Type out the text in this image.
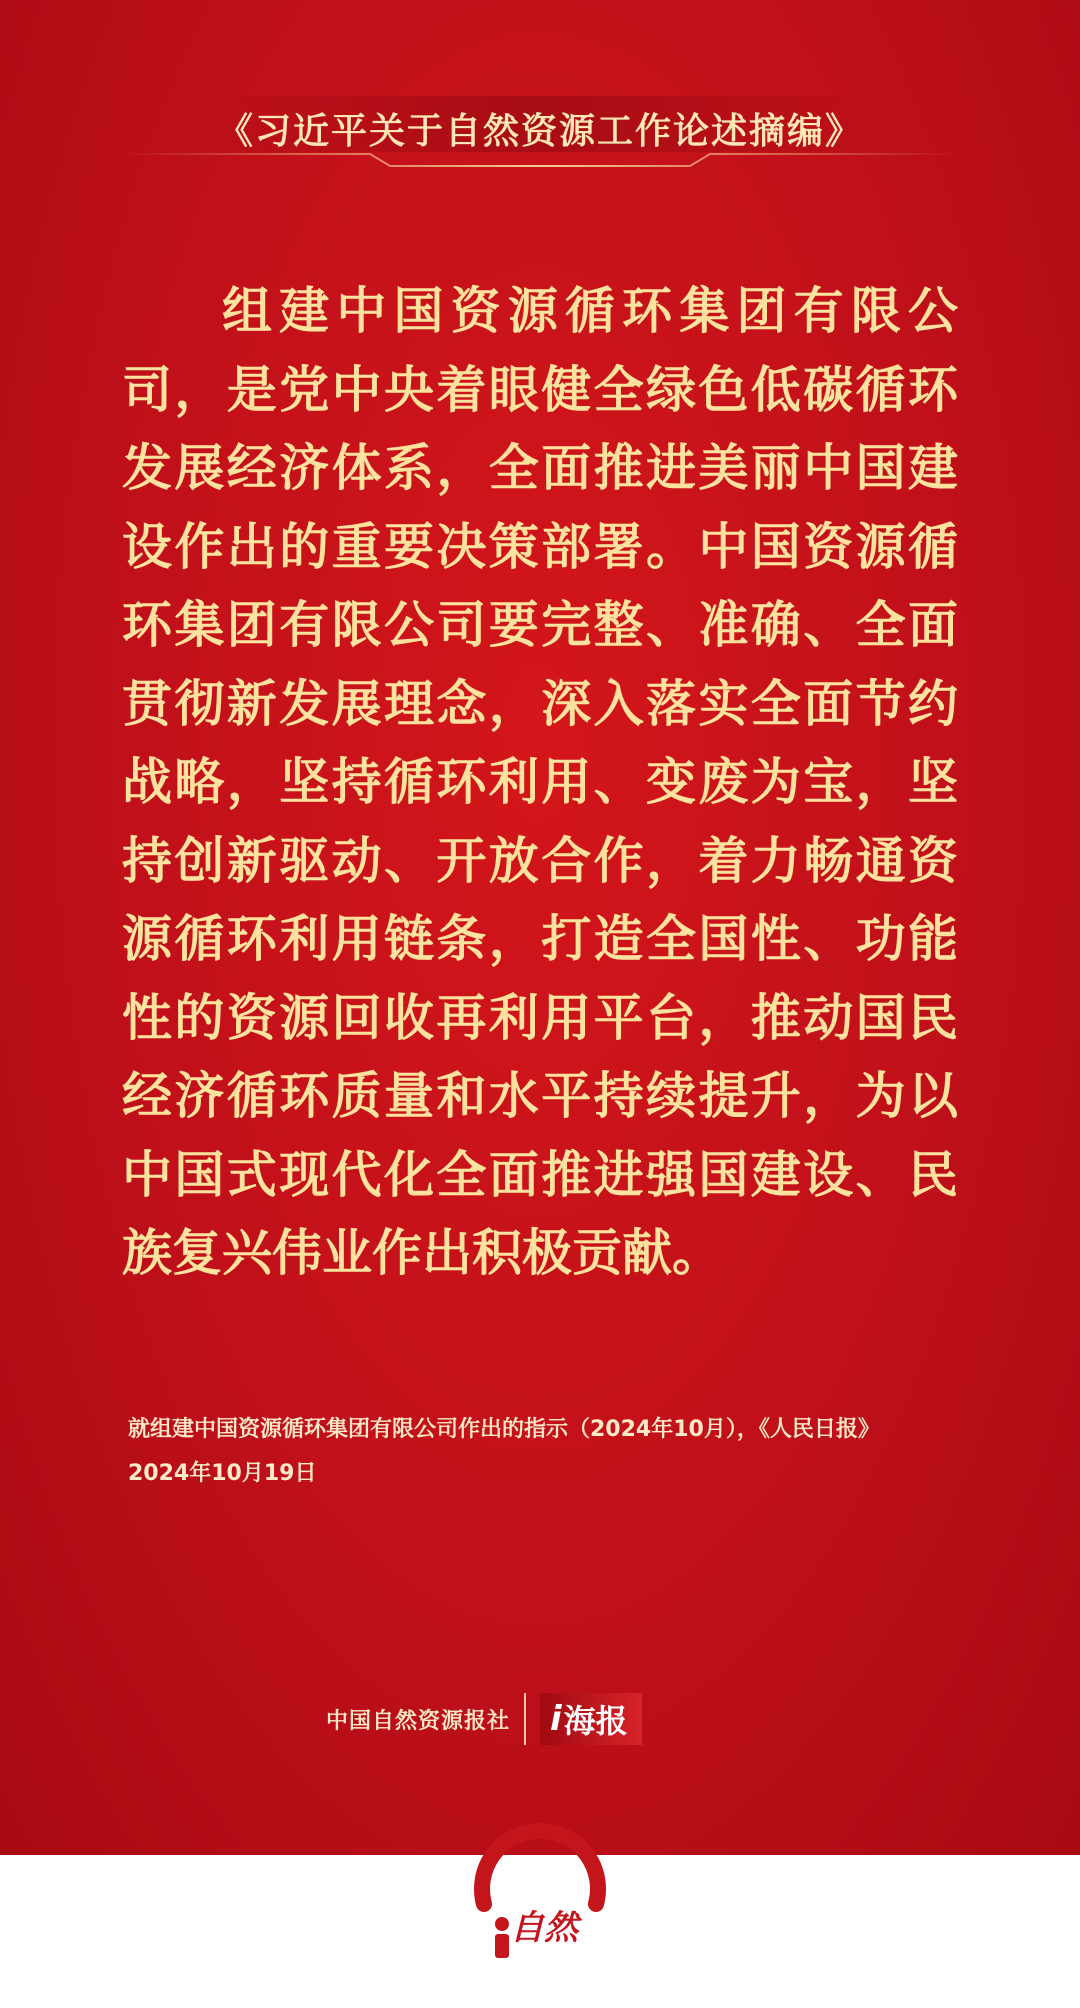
《习近平关于自然资源工作论述摘编》

组建中国资源循环集团有限公司，是党中央着眼健全绿色低碳循环发展经济体系，全面推进美丽中国建设作出的重要决策部署。中国资源循环集团有限公司要完整、准确、全面贯彻新发展理念，深入落实全面节约战略，坚持循环利用、变废为宝，坚持创新驱动、开放合作，着力畅通资源循环利用链条，打造全国性、功能性的资源回收再利用平台，推动国民经济循环质量和水平持续提升，为以中国式现代化全面推进强国建设、民族复兴伟业作出积极贡献。

就组建中国资源循环集团有限公司作出的指示（2024年10月），《人民日报》
2024年10月19日
中国自然资源报社 i 海报
自然
